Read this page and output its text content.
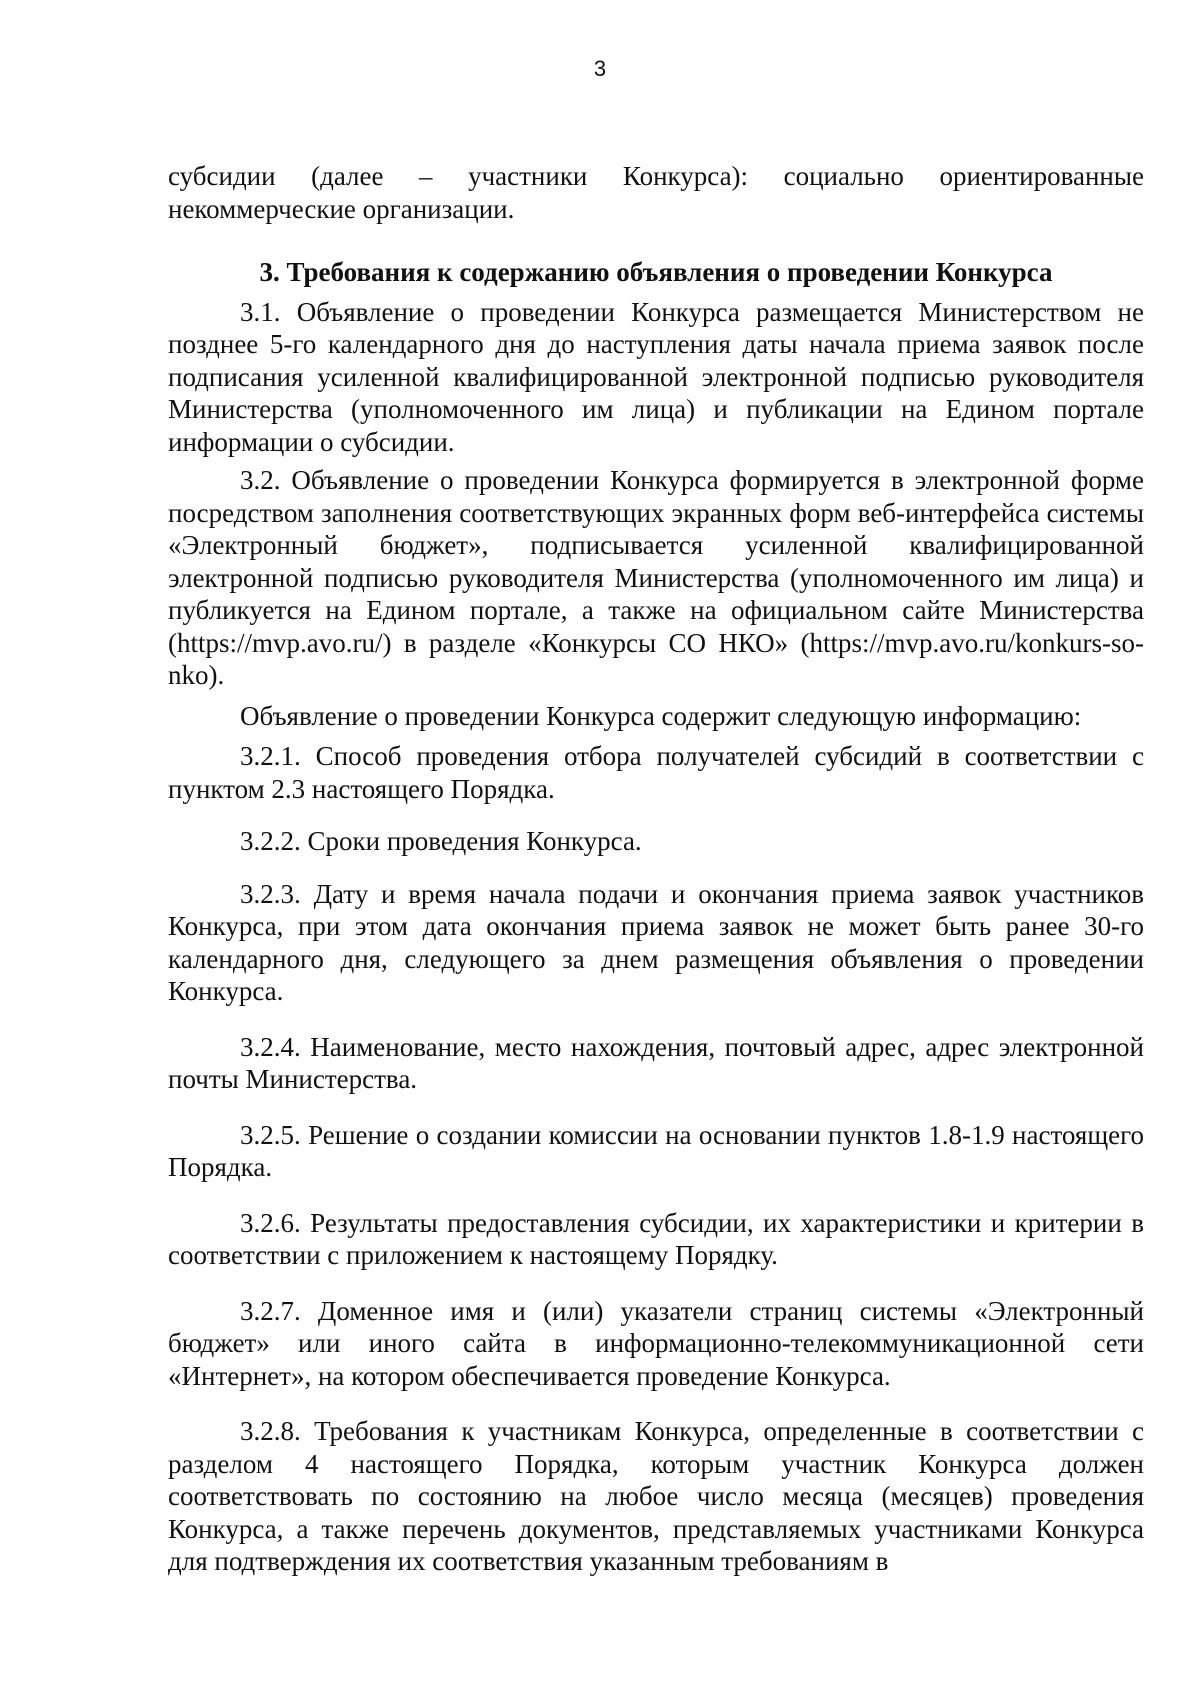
3

субсидии (далее – участники Конкурса): социально ориентированные некоммерческие организации.

3. Требования к содержанию объявления о проведении Конкурса

3.1. Объявление о проведении Конкурса размещается Министерством не позднее 5-го календарного дня до наступления даты начала приема заявок после подписания усиленной квалифицированной электронной подписью руководителя Министерства (уполномоченного им лица) и публикации на Едином портале информации о субсидии.

3.2. Объявление о проведении Конкурса формируется в электронной форме посредством заполнения соответствующих экранных форм веб-интерфейса системы «Электронный бюджет», подписывается усиленной квалифицированной электронной подписью руководителя Министерства (уполномоченного им лица) и публикуется на Едином портале, а также на официальном сайте Министерства (https://mvp.avo.ru/) в разделе «Конкурсы СО НКО» (https://mvp.avo.ru/konkurs-so-nko).

Объявление о проведении Конкурса содержит следующую информацию:

3.2.1. Способ проведения отбора получателей субсидий в соответствии с пунктом 2.3 настоящего Порядка.

3.2.2. Сроки проведения Конкурса.

3.2.3. Дату и время начала подачи и окончания приема заявок участников Конкурса, при этом дата окончания приема заявок не может быть ранее 30-го календарного дня, следующего за днем размещения объявления о проведении Конкурса.

3.2.4. Наименование, место нахождения, почтовый адрес, адрес электронной почты Министерства.

3.2.5. Решение о создании комиссии на основании пунктов 1.8-1.9 настоящего Порядка.

3.2.6. Результаты предоставления субсидии, их характеристики и критерии в соответствии с приложением к настоящему Порядку.

3.2.7. Доменное имя и (или) указатели страниц системы «Электронный бюджет» или иного сайта в информационно-телекоммуникационной сети «Интернет», на котором обеспечивается проведение Конкурса.

3.2.8. Требования к участникам Конкурса, определенные в соответствии с разделом 4 настоящего Порядка, которым участник Конкурса должен соответствовать по состоянию на любое число месяца (месяцев) проведения Конкурса, а также перечень документов, представляемых участниками Конкурса для подтверждения их соответствия указанным требованиям в
